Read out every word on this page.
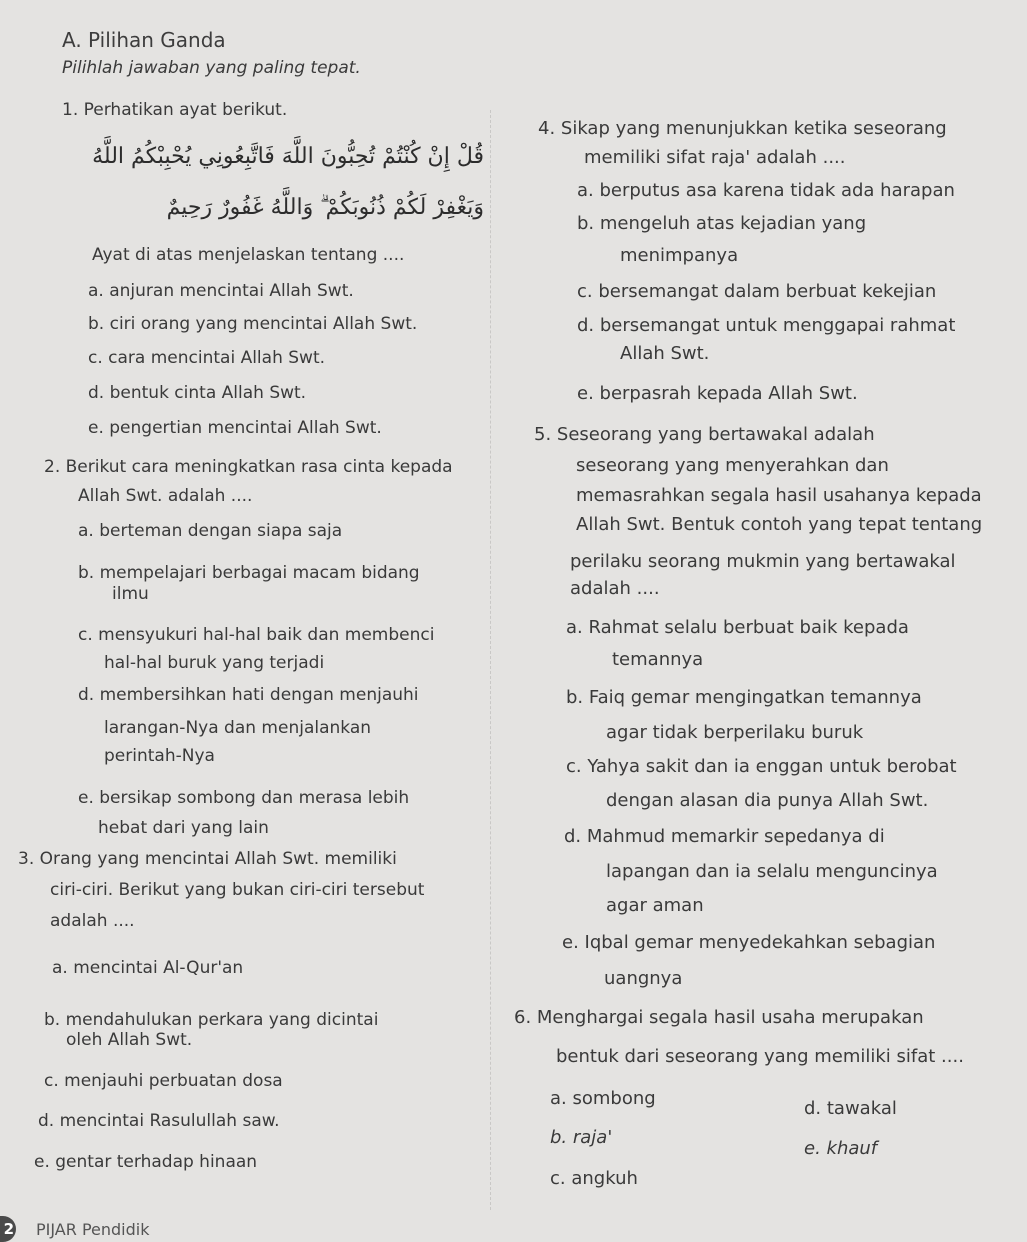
A. Pilihan Ganda
Pilihlah jawaban yang paling tepat.
1. Perhatikan ayat berikut.
قُلْ إِنْ كُنْتُمْ تُحِبُّونَ اللَّهَ فَاتَّبِعُونِي يُحْبِبْكُمُ اللَّهُ
وَيَغْفِرْ لَكُمْ ذُنُوبَكُمْ ۗ وَاللَّهُ غَفُورٌ رَحِيمٌ
Ayat di atas menjelaskan tentang ....
a. anjuran mencintai Allah Swt.
b. ciri orang yang mencintai Allah Swt.
c. cara mencintai Allah Swt.
d. bentuk cinta Allah Swt.
e. pengertian mencintai Allah Swt.
2. Berikut cara meningkatkan rasa cinta kepada
Allah Swt. adalah ....
a. berteman dengan siapa saja
b. mempelajari berbagai macam bidang
ilmu
c. mensyukuri hal-hal baik dan membenci
hal-hal buruk yang terjadi
d. membersihkan hati dengan menjauhi
larangan-Nya dan menjalankan
perintah-Nya
e. bersikap sombong dan merasa lebih
hebat dari yang lain
3. Orang yang mencintai Allah Swt. memiliki
ciri-ciri. Berikut yang bukan ciri-ciri tersebut
adalah ....
a. mencintai Al-Qur'an
b. mendahulukan perkara yang dicintai
oleh Allah Swt.
c. menjauhi perbuatan dosa
d. mencintai Rasulullah saw.
e. gentar terhadap hinaan
4. Sikap yang menunjukkan ketika seseorang
memiliki sifat raja' adalah ....
a. berputus asa karena tidak ada harapan
b. mengeluh atas kejadian yang
menimpanya
c. bersemangat dalam berbuat kekejian
d. bersemangat untuk menggapai rahmat
Allah Swt.
e. berpasrah kepada Allah Swt.
5. Seseorang yang bertawakal adalah
seseorang yang menyerahkan dan
memasrahkan segala hasil usahanya kepada
Allah Swt. Bentuk contoh yang tepat tentang
perilaku seorang mukmin yang bertawakal
adalah ....
a. Rahmat selalu berbuat baik kepada
temannya
b. Faiq gemar mengingatkan temannya
agar tidak berperilaku buruk
c. Yahya sakit dan ia enggan untuk berobat
dengan alasan dia punya Allah Swt.
d. Mahmud memarkir sepedanya di
lapangan dan ia selalu menguncinya
agar aman
e. Iqbal gemar menyedekahkan sebagian
uangnya
6. Menghargai segala hasil usaha merupakan
bentuk dari seseorang yang memiliki sifat ....
a. sombong
b. raja'
c. angkuh
d. tawakal
e. khauf
2 PIJAR Pendidik
